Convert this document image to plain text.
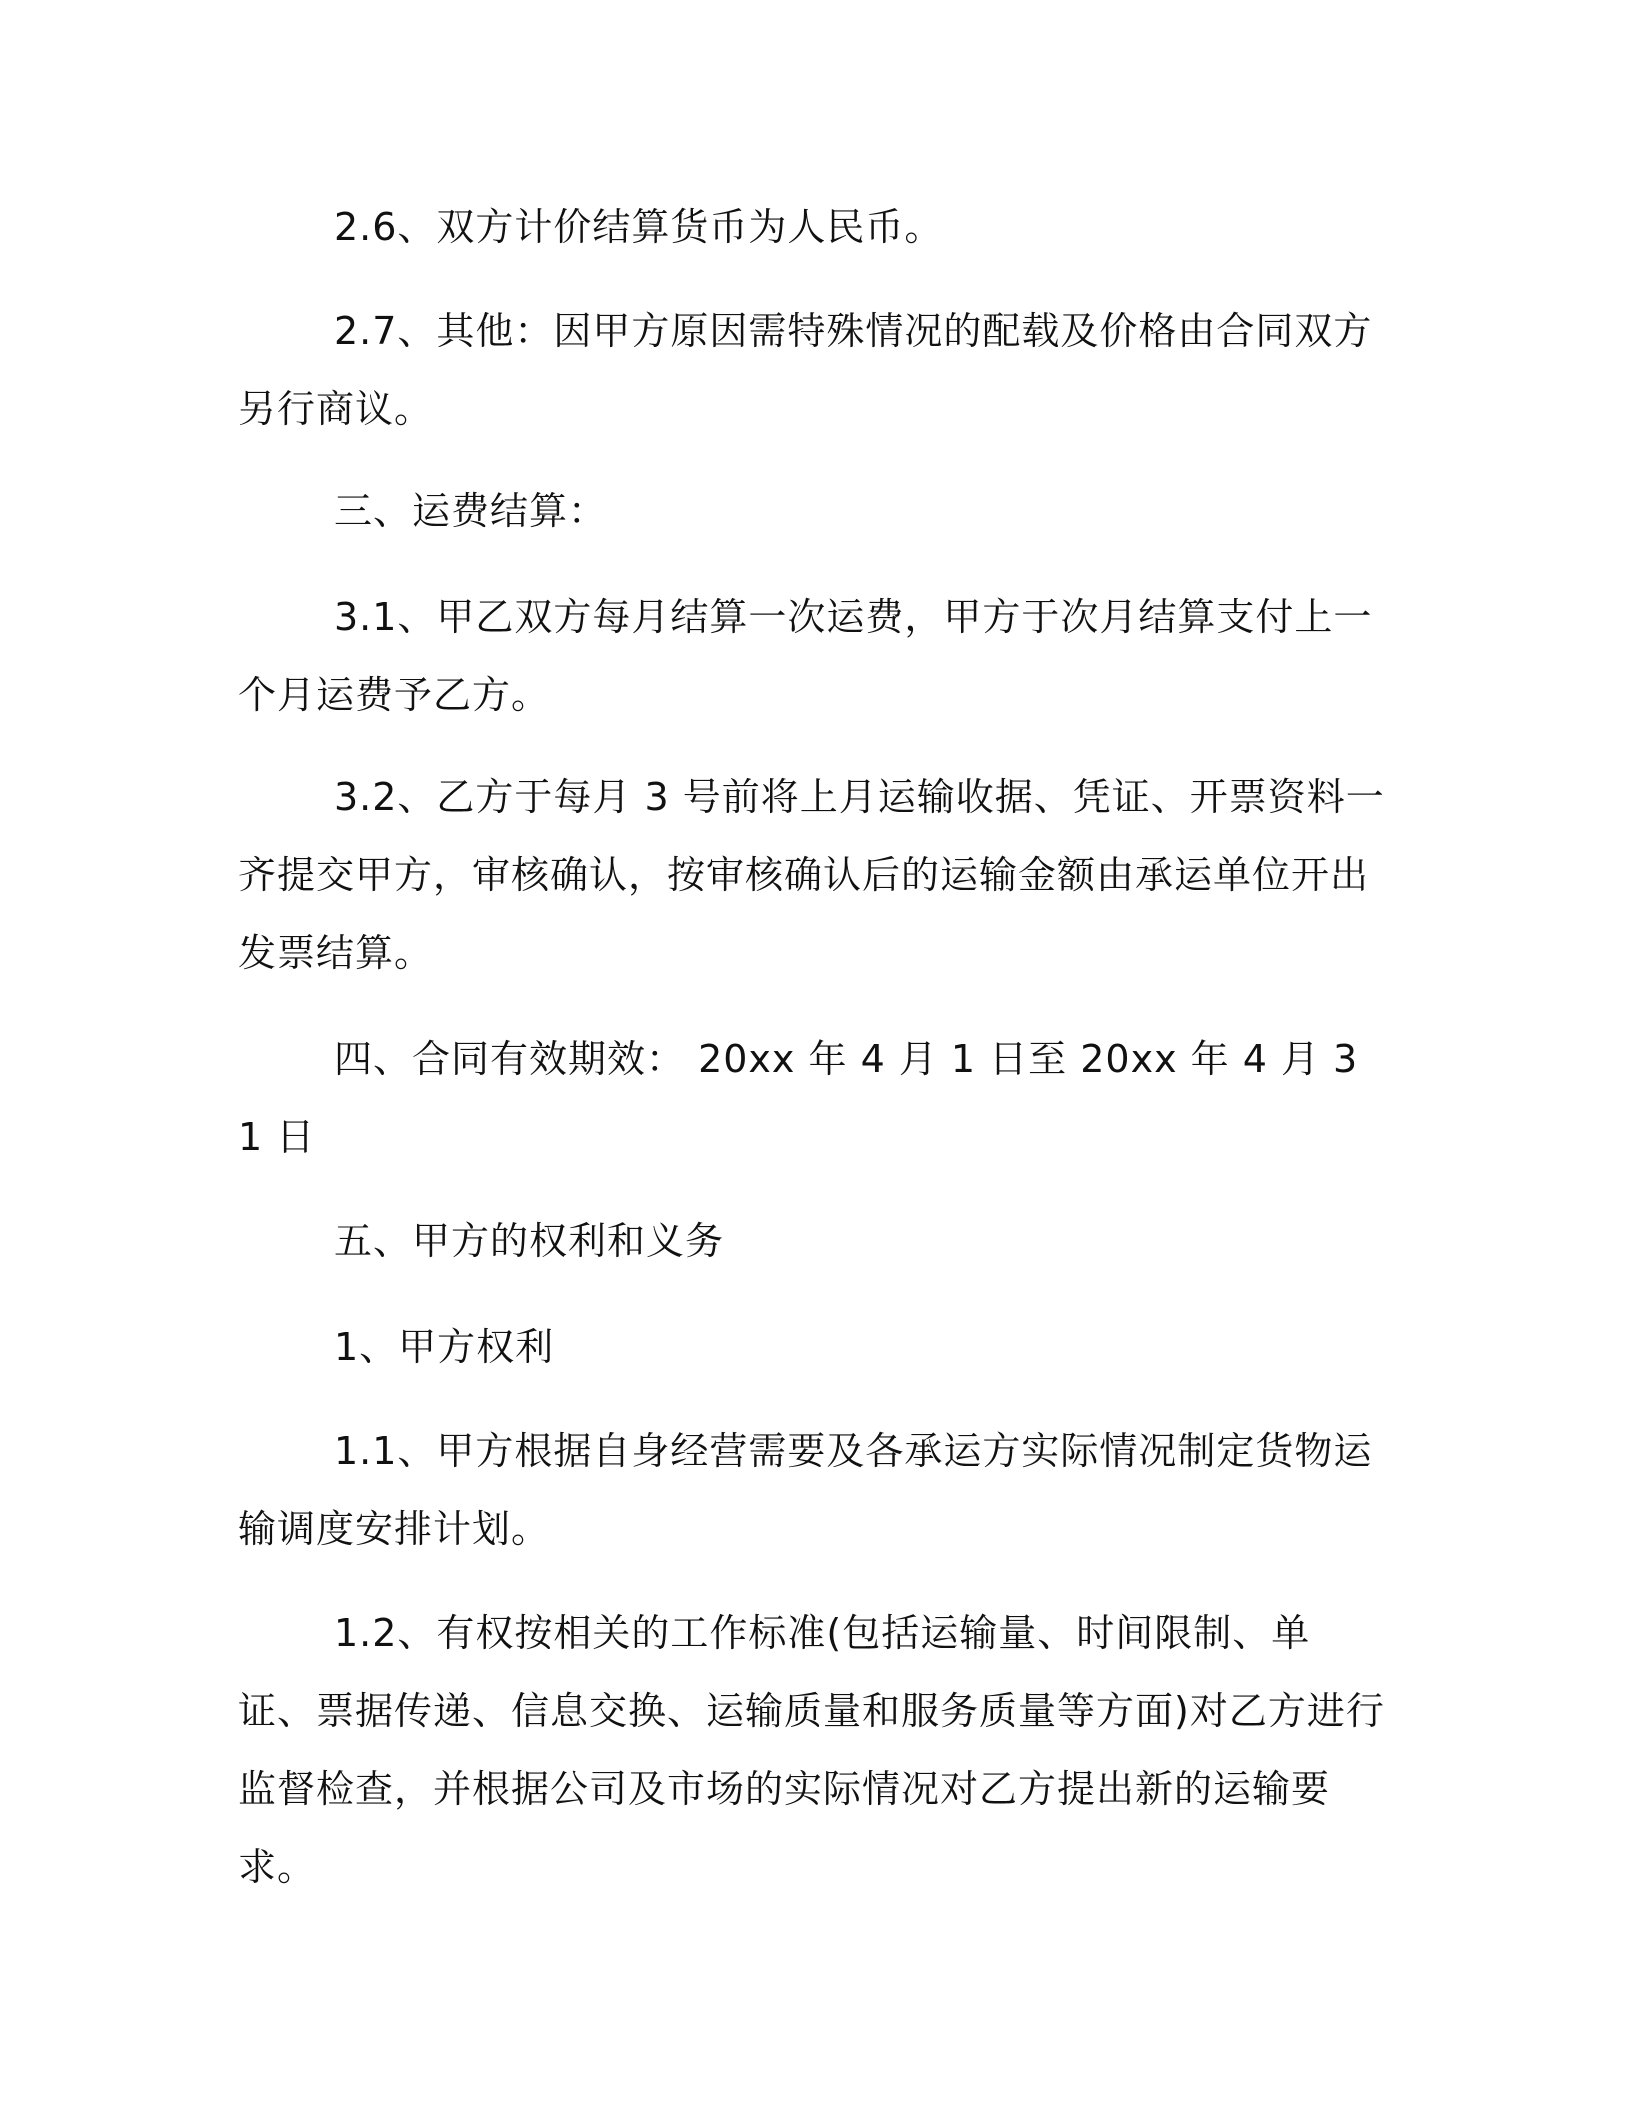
2.6、双方计价结算货币为人民币。

2.7、其他：因甲方原因需特殊情况的配载及价格由合同双方另行商议。

三、运费结算：

3.1、甲乙双方每月结算一次运费，甲方于次月结算支付上一个月运费予乙方。

3.2、乙方于每月 3 号前将上月运输收据、凭证、开票资料一齐提交甲方，审核确认，按审核确认后的运输金额由承运单位开出发票结算。

四、合同有效期效： 20xx 年 4 月 1 日至 20xx 年 4 月 3 1 日

五、甲方的权利和义务

1、甲方权利

1.1、甲方根据自身经营需要及各承运方实际情况制定货物运输调度安排计划。

1.2、有权按相关的工作标准(包括运输量、时间限制、单证、票据传递、信息交换、运输质量和服务质量等方面)对乙方进行监督检查，并根据公司及市场的实际情况对乙方提出新的运输要求。
